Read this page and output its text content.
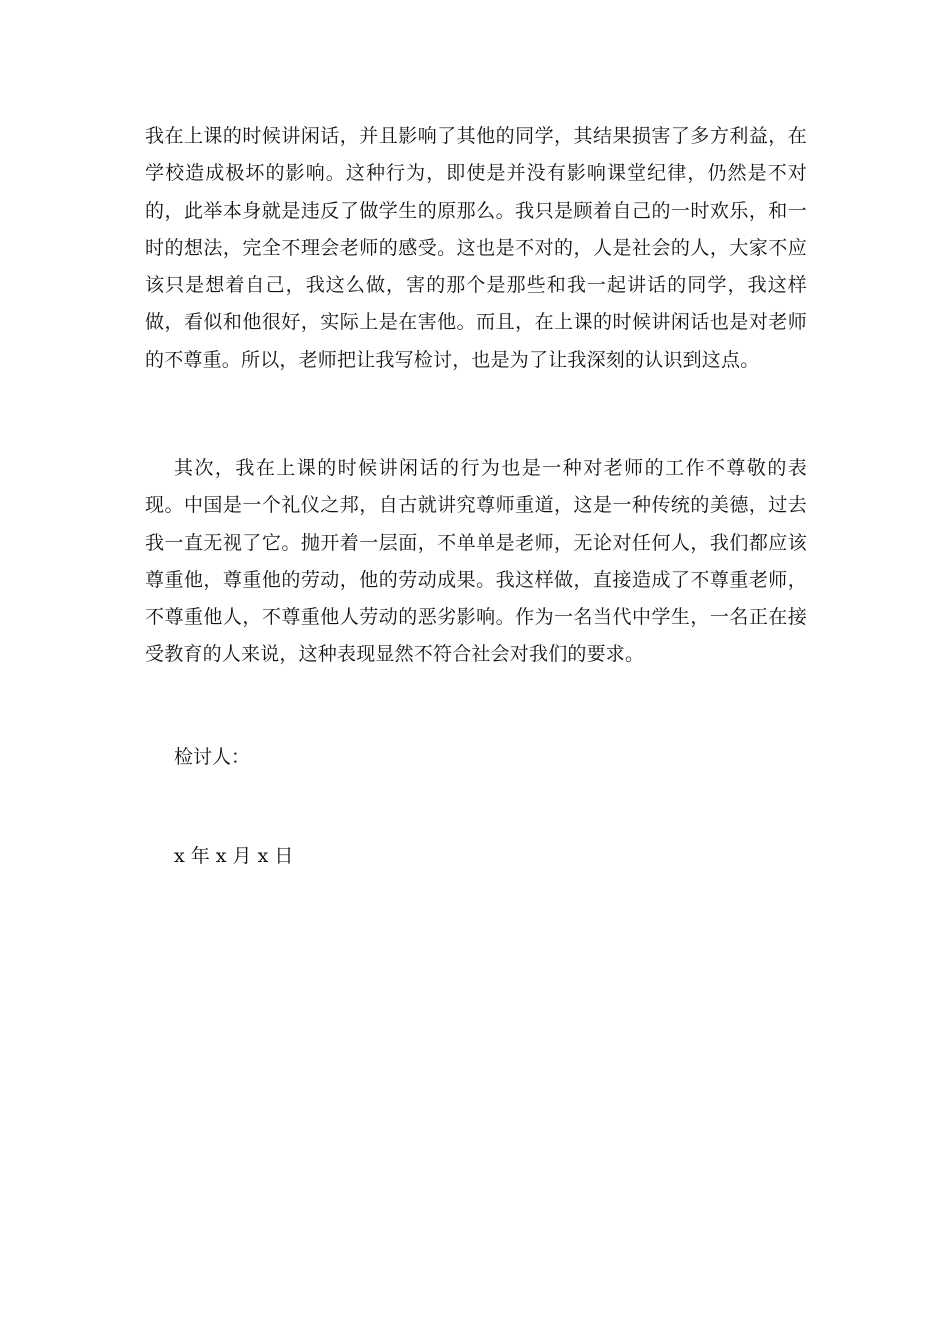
我在上课的时候讲闲话，并且影响了其他的同学，其结果损害了多方利益，在学校造成极坏的影响。这种行为，即使是并没有影响课堂纪律，仍然是不对的，此举本身就是违反了做学生的原那么。我只是顾着自己的一时欢乐，和一时的想法，完全不理会老师的感受。这也是不对的，人是社会的人，大家不应该只是想着自己，我这么做，害的那个是那些和我一起讲话的同学，我这样做，看似和他很好，实际上是在害他。而且，在上课的时候讲闲话也是对老师的不尊重。所以，老师把让我写检讨，也是为了让我深刻的认识到这点。

其次，我在上课的时候讲闲话的行为也是一种对老师的工作不尊敬的表现。中国是一个礼仪之邦，自古就讲究尊师重道，这是一种传统的美德，过去我一直无视了它。抛开着一层面，不单单是老师，无论对任何人，我们都应该尊重他，尊重他的劳动，他的劳动成果。我这样做，直接造成了不尊重老师，不尊重他人，不尊重他人劳动的恶劣影响。作为一名当代中学生，一名正在接受教育的人来说，这种表现显然不符合社会对我们的要求。

检讨人：

x 年 x 月 x 日
